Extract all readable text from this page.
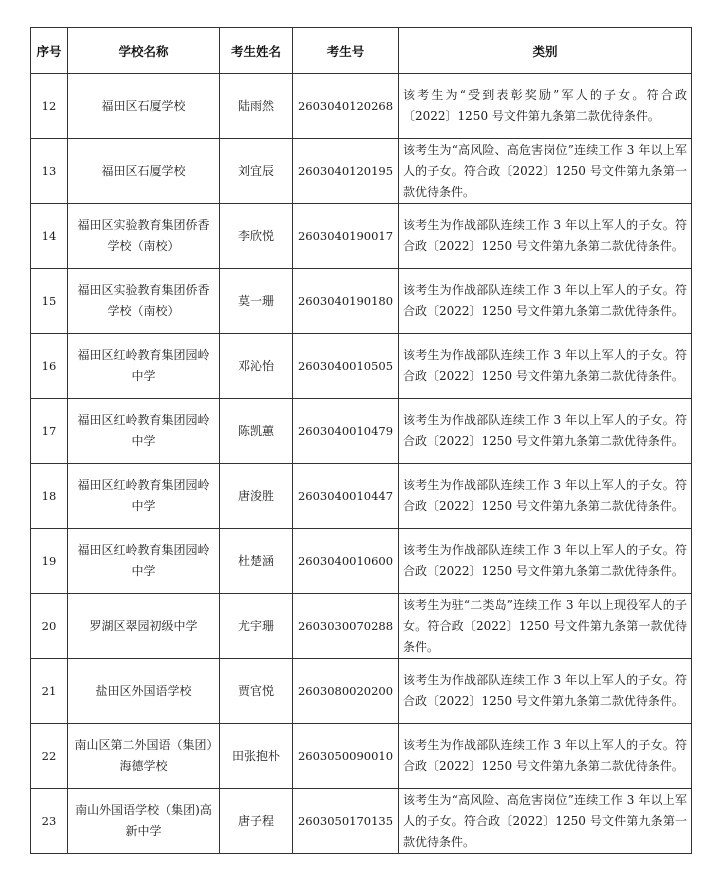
序号	学校名称	考生姓名	考生号	类别
12	福田区石厦学校	陆雨然	2603040120268	该考生为“受到表彰奖励”军人的子女。符合政〔2022〕1250 号文件第九条第二款优待条件。
13	福田区石厦学校	刘宜辰	2603040120195	该考生为“高风险、高危害岗位”连续工作 3 年以上军人的子女。符合政〔2022〕1250 号文件第九条第一款优待条件。
14	福田区实验教育集团侨香学校（南校）	李欣悦	2603040190017	该考生为作战部队连续工作 3 年以上军人的子女。符合政〔2022〕1250 号文件第九条第二款优待条件。
15	福田区实验教育集团侨香学校（南校）	莫一珊	2603040190180	该考生为作战部队连续工作 3 年以上军人的子女。符合政〔2022〕1250 号文件第九条第二款优待条件。
16	福田区红岭教育集团园岭中学	邓沁怡	2603040010505	该考生为作战部队连续工作 3 年以上军人的子女。符合政〔2022〕1250 号文件第九条第二款优待条件。
17	福田区红岭教育集团园岭中学	陈凯蕙	2603040010479	该考生为作战部队连续工作 3 年以上军人的子女。符合政〔2022〕1250 号文件第九条第二款优待条件。
18	福田区红岭教育集团园岭中学	唐浚胜	2603040010447	该考生为作战部队连续工作 3 年以上军人的子女。符合政〔2022〕1250 号文件第九条第二款优待条件。
19	福田区红岭教育集团园岭中学	杜楚涵	2603040010600	该考生为作战部队连续工作 3 年以上军人的子女。符合政〔2022〕1250 号文件第九条第二款优待条件。
20	罗湖区翠园初级中学	尤宇珊	2603030070288	该考生为驻“二类岛”连续工作 3 年以上现役军人的子女。符合政〔2022〕1250 号文件第九条第一款优待条件。
21	盐田区外国语学校	贾官悦	2603080020200	该考生为作战部队连续工作 3 年以上军人的子女。符合政〔2022〕1250 号文件第九条第二款优待条件。
22	南山区第二外国语（集团）海德学校	田张抱朴	2603050090010	该考生为作战部队连续工作 3 年以上军人的子女。符合政〔2022〕1250 号文件第九条第二款优待条件。
23	南山外国语学校（集团)高新中学	唐子程	2603050170135	该考生为“高风险、高危害岗位”连续工作 3 年以上军人的子女。符合政〔2022〕1250 号文件第九条第一款优待条件。
